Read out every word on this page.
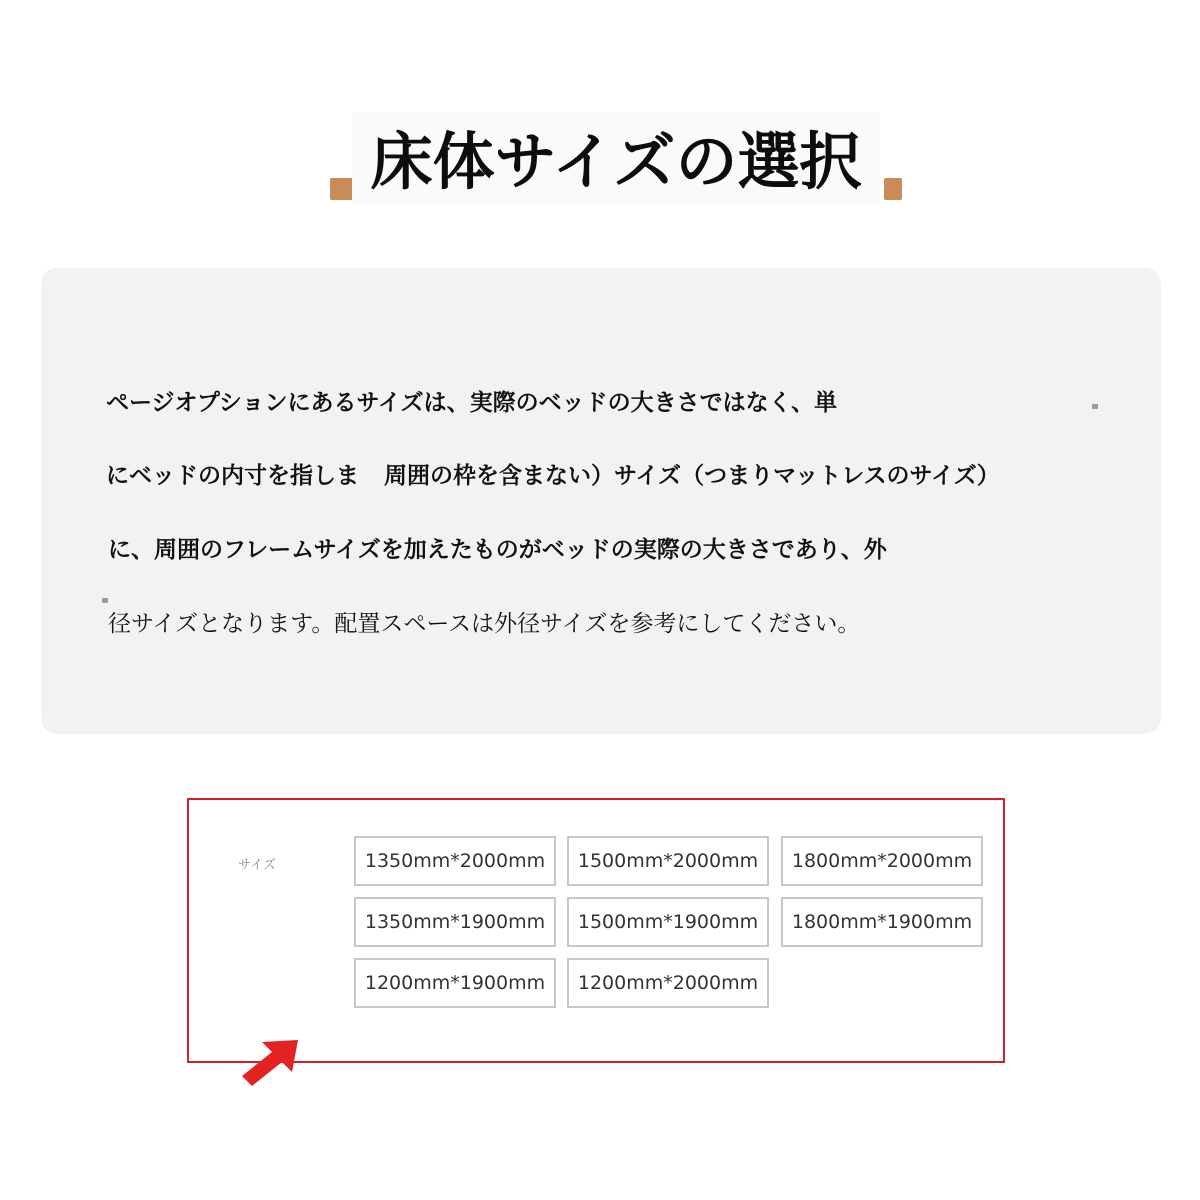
床体サイズの選択
ページオプションにあるサイズは、実際のベッドの大きさではなく、単
にベッドの内寸を指しま 周囲の枠を含まない）サイズ（つまりマットレスのサイズ）
に、周囲のフレームサイズを加えたものがベッドの実際の大きさであり、外
径サイズとなります。配置スペースは外径サイズを参考にしてください。
サイズ	1350mm*2000mm	1500mm*2000mm	1800mm*2000mm
1350mm*1900mm	1500mm*1900mm	1800mm*1900mm
1200mm*1900mm	1200mm*2000mm
